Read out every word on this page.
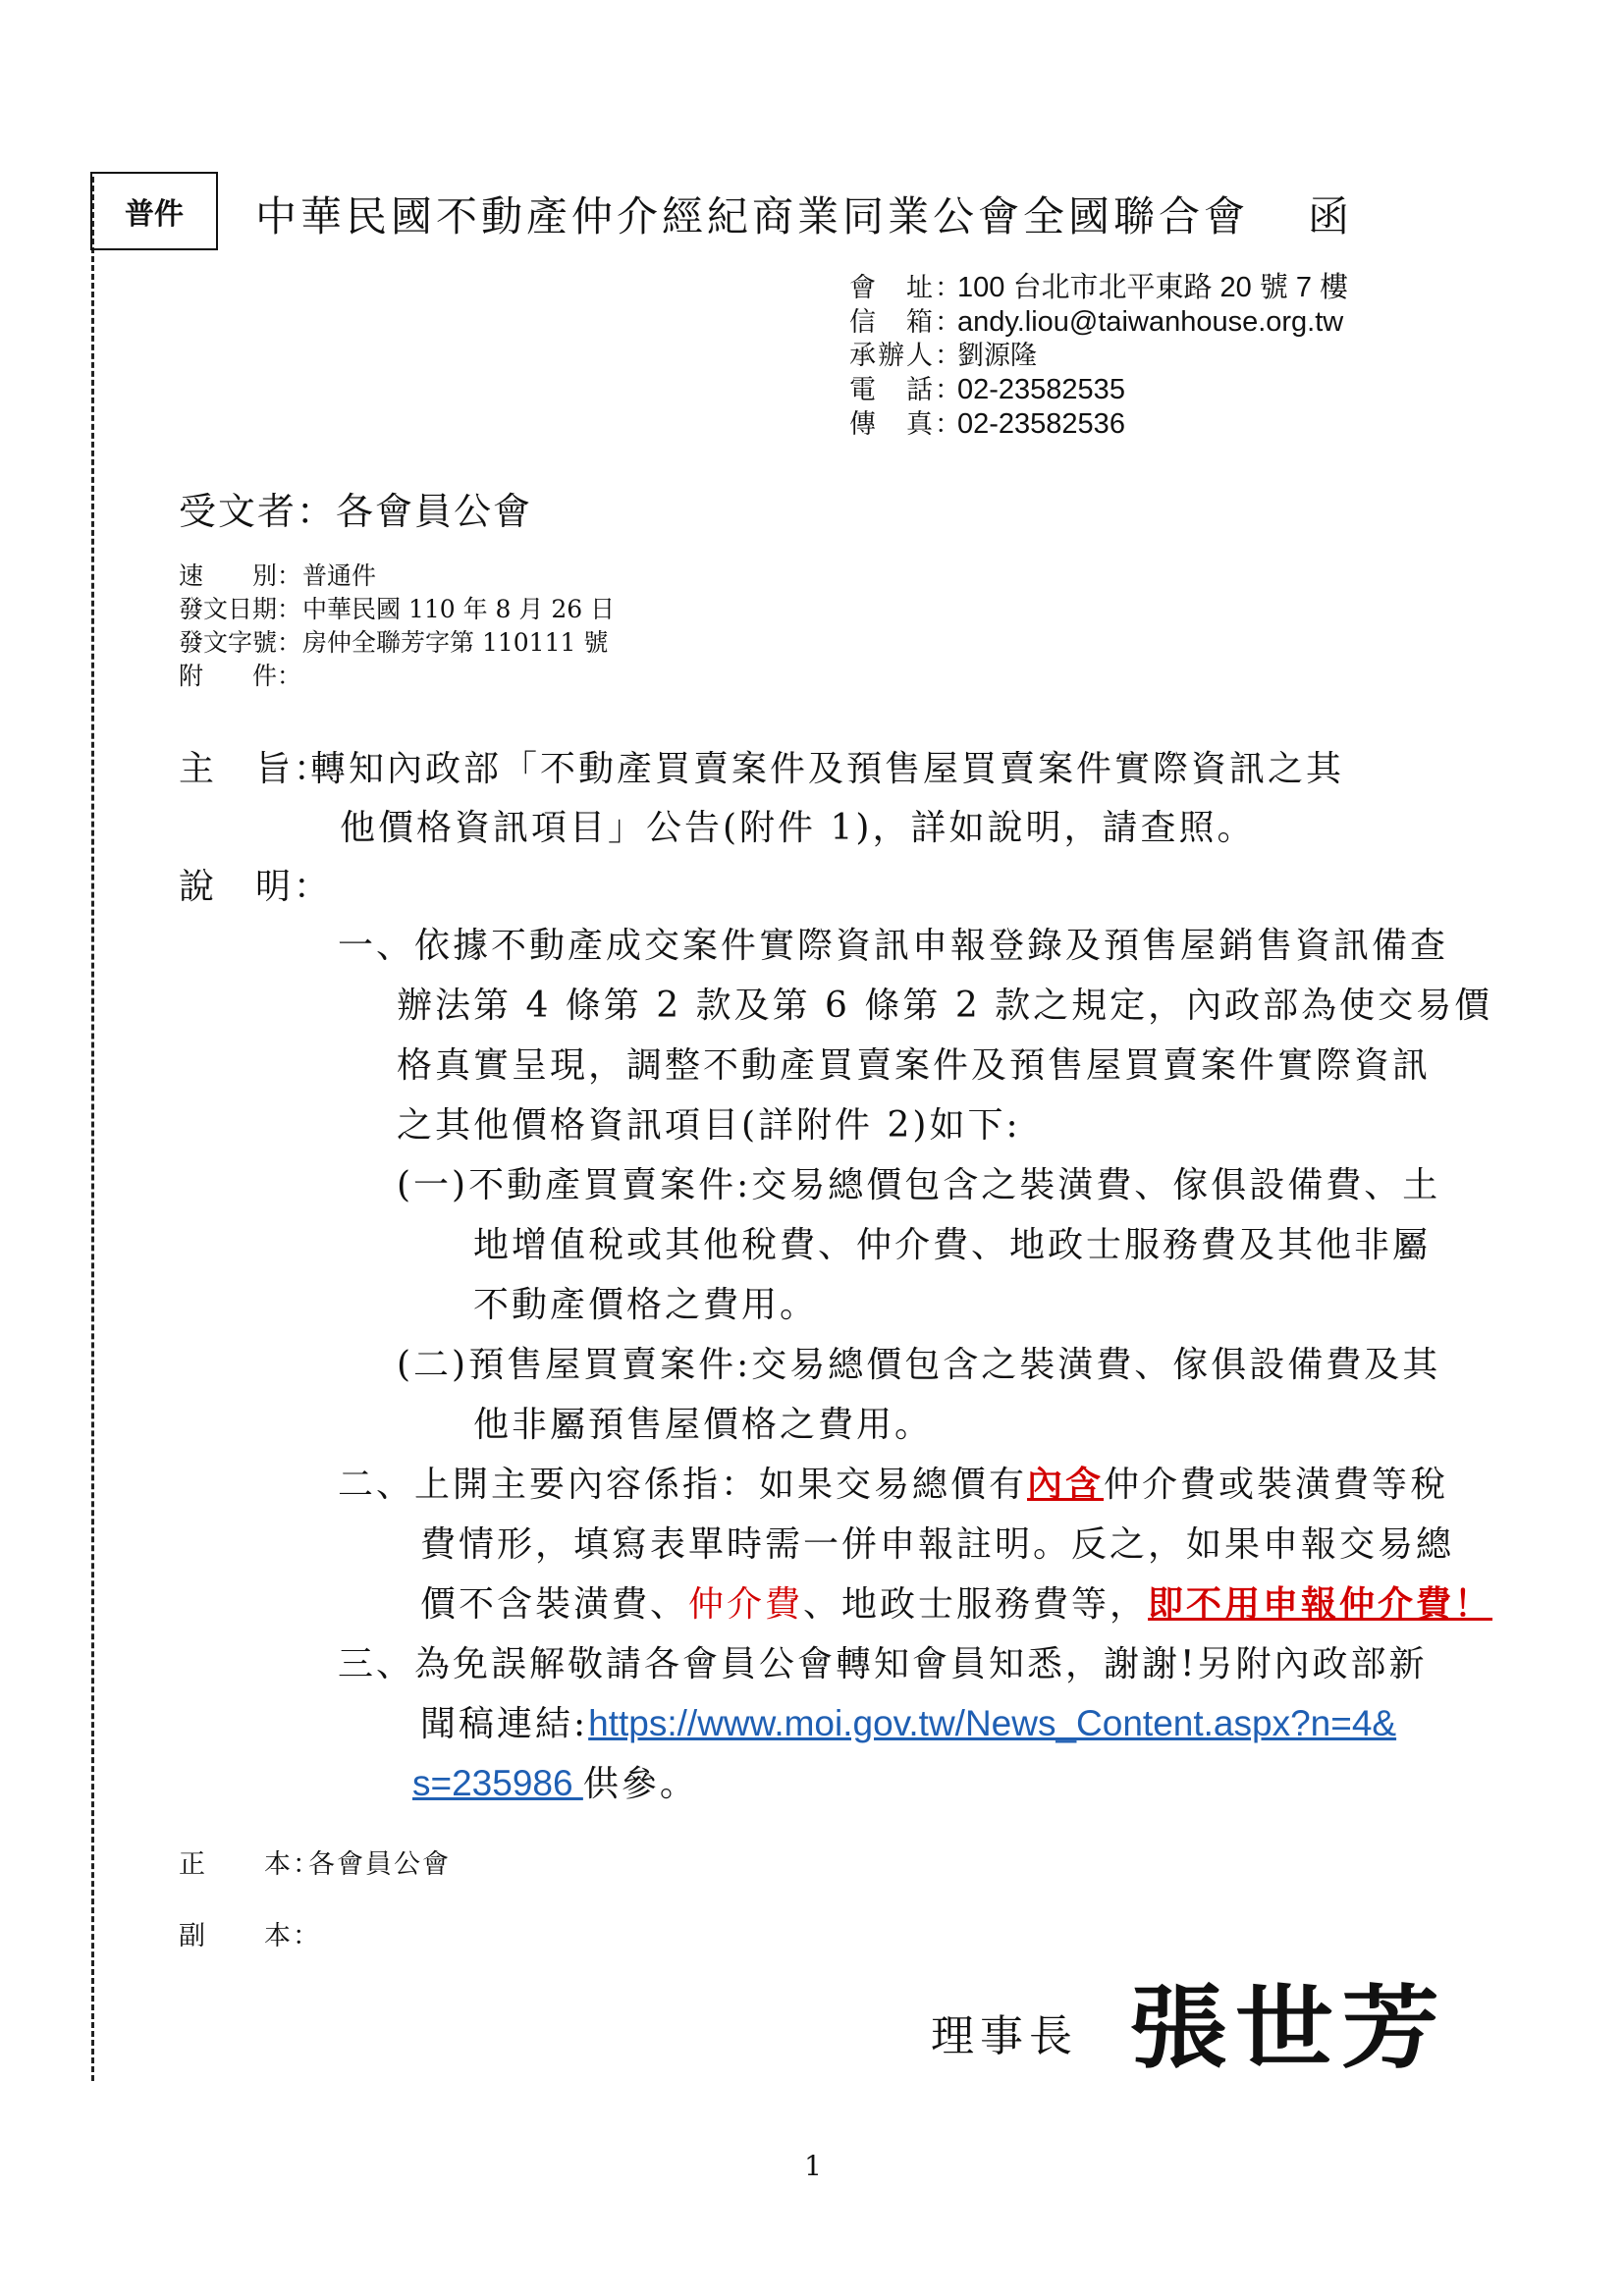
普件	中華民國不動產仲介經紀商業同業公會全國聯合會 函
會　址：100 台北市北平東路 20 號 7 樓
信　箱：andy.liou@taiwanhouse.org.tw
承辦人：劉源隆
電　話：02-23582535
傳　真：02-23582536
受文者：各會員公會
速　　別：普通件
發文日期：中華民國 110 年 8 月 26 日
發文字號：房仲全聯芳字第 110111 號
附　　件：
主　旨：
轉知內政部「不動產買賣案件及預售屋買賣案件實際資訊之其
他價格資訊項目」公告(附件 1)，詳如說明，請查照。
說　明：
一、依據不動產成交案件實際資訊申報登錄及預售屋銷售資訊備查
辦法第 4 條第 2 款及第 6 條第 2 款之規定，內政部為使交易價
格真實呈現，調整不動產買賣案件及預售屋買賣案件實際資訊
之其他價格資訊項目(詳附件 2)如下:
(一)不動產買賣案件:交易總價包含之裝潢費、傢俱設備費、土
地增值稅或其他稅費、仲介費、地政士服務費及其他非屬
不動產價格之費用。
(二)預售屋買賣案件:交易總價包含之裝潢費、傢俱設備費及其
他非屬預售屋價格之費用。
二、上開主要內容係指：如果交易總價有內含仲介費或裝潢費等稅
費情形，填寫表單時需一併申報註明。反之，如果申報交易總
價不含裝潢費、仲介費、地政士服務費等，即不用申報仲介費！
三、為免誤解敬請各會員公會轉知會員知悉，謝謝!另附內政部新
聞稿連結:https://www.moi.gov.tw/News_Content.aspx?n=4&
s=235986 供參。
正　　本：各會員公會
副　　本：
理事長 張世芳
1
